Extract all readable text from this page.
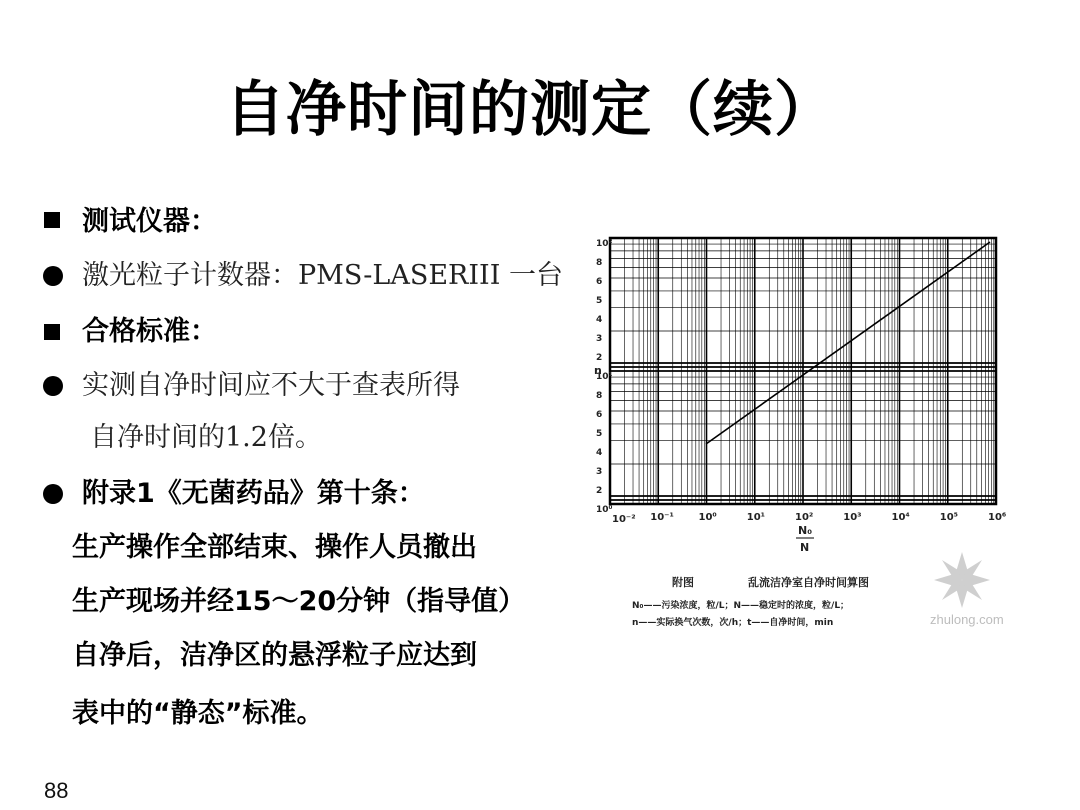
自净时间的测定（续）
测试仪器：
激光粒子计数器：PMS-LASERIII 一台
合格标准：
实测自净时间应不大于查表所得
自净时间的1.2倍。
附录1《无菌药品》第十条：
生产操作全部结束、操作人员撤出
生产现场并经15～20分钟（指导值）
自净后，洁净区的悬浮粒子应达到
表中的“静态”标准。
n
10²
8
6
5
4
3
2
10¹
8
6
5
4
3
2
10⁰
10⁻¹ 10⁰	10¹	10²	10³	10⁴	10⁵	10⁶
10⁻²
N₀
N
附图	乱流洁净室自净时间算图
N₀——污染浓度，粒/L；N——稳定时的浓度，粒/L；
n——实际换气次数，次/h；t——自净时间，min	zhulong.com
88
